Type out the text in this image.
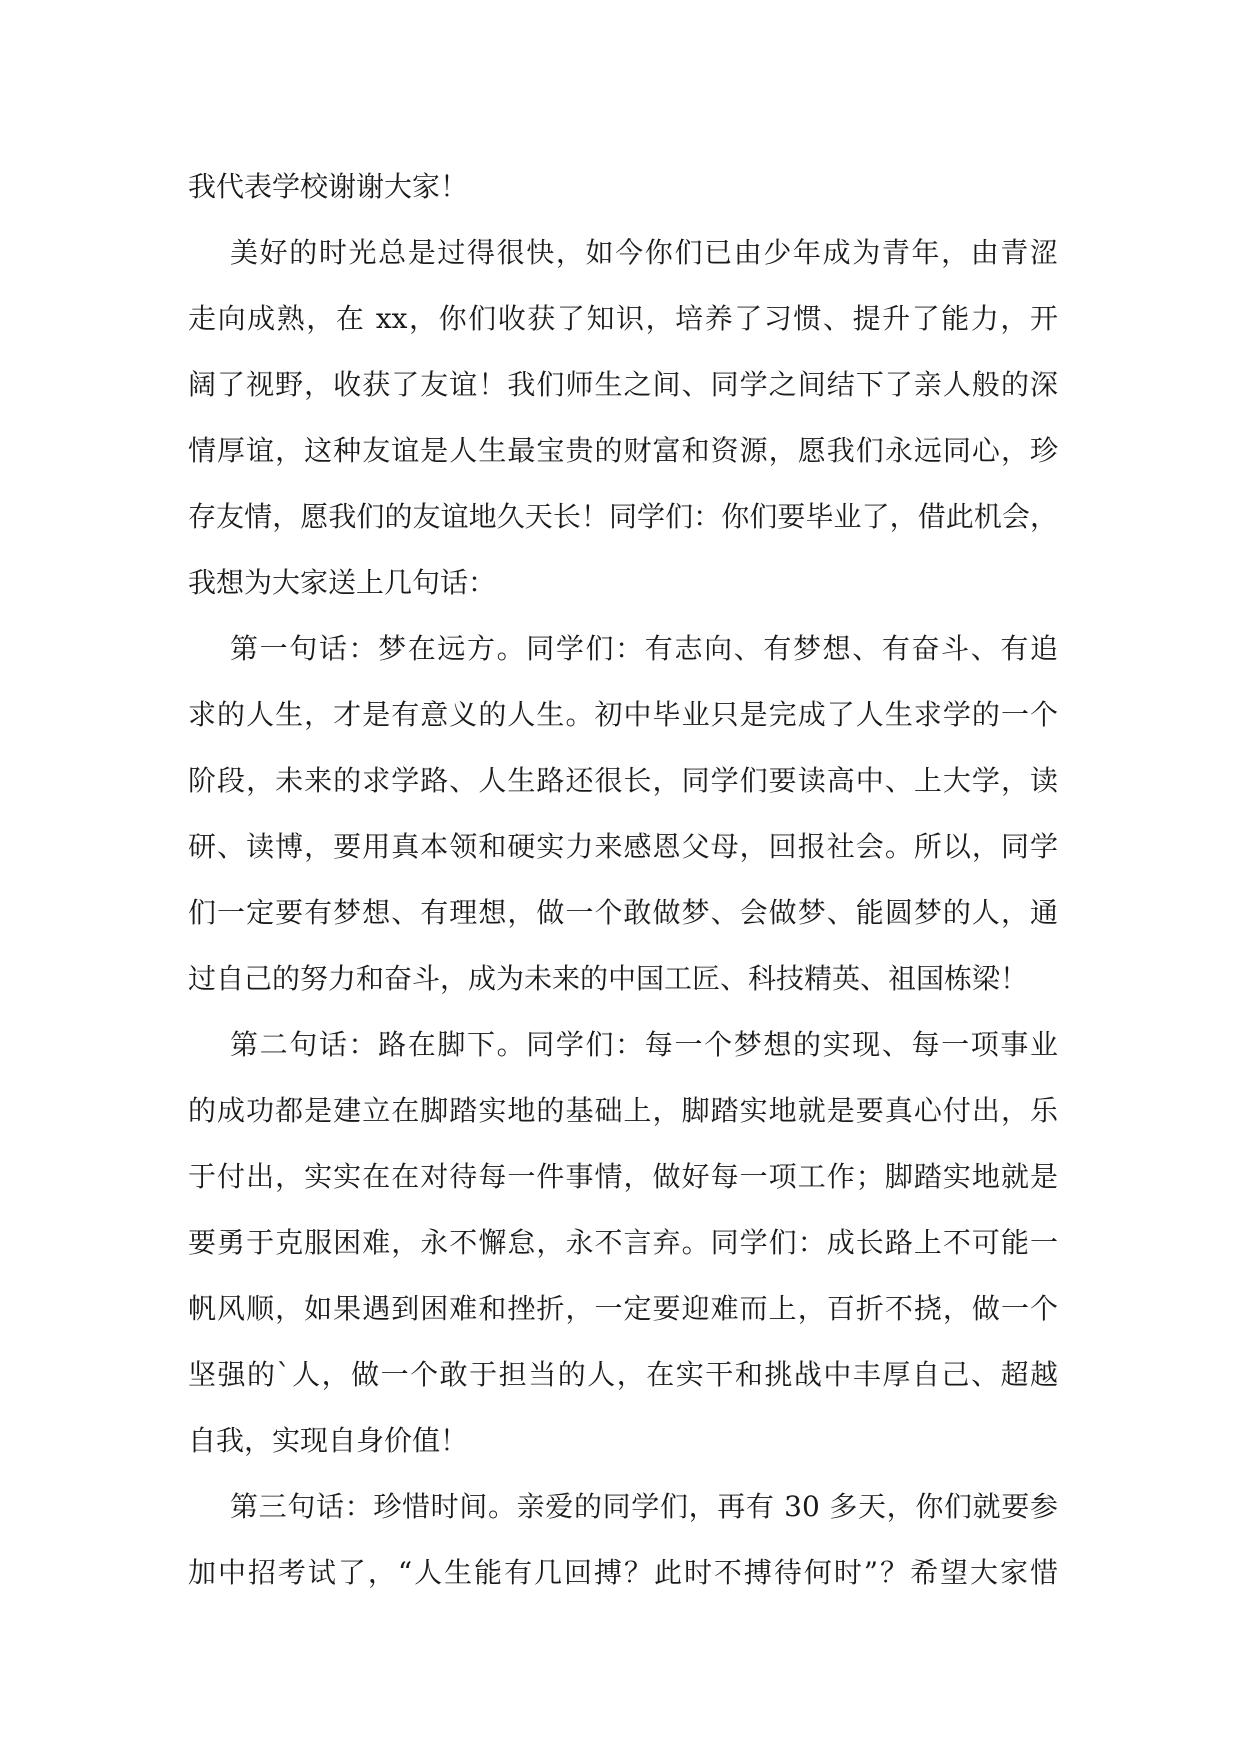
我代表学校谢谢大家！
美好的时光总是过得很快，如今你们已由少年成为青年，由青涩
走向成熟，在 xx，你们收获了知识，培养了习惯、提升了能力，开
阔了视野，收获了友谊！我们师生之间、同学之间结下了亲人般的深
情厚谊，这种友谊是人生最宝贵的财富和资源，愿我们永远同心，珍
存友情，愿我们的友谊地久天长！同学们：你们要毕业了，借此机会，
我想为大家送上几句话：
第一句话：梦在远方。同学们：有志向、有梦想、有奋斗、有追
求的人生，才是有意义的人生。初中毕业只是完成了人生求学的一个
阶段，未来的求学路、人生路还很长，同学们要读高中、上大学，读
研、读博，要用真本领和硬实力来感恩父母，回报社会。所以，同学
们一定要有梦想、有理想，做一个敢做梦、会做梦、能圆梦的人，通
过自己的努力和奋斗，成为未来的中国工匠、科技精英、祖国栋梁！
第二句话：路在脚下。同学们：每一个梦想的实现、每一项事业
的成功都是建立在脚踏实地的基础上，脚踏实地就是要真心付出，乐
于付出，实实在在对待每一件事情，做好每一项工作；脚踏实地就是
要勇于克服困难，永不懈怠，永不言弃。同学们：成长路上不可能一
帆风顺，如果遇到困难和挫折，一定要迎难而上，百折不挠，做一个
坚强的`人，做一个敢于担当的人，在实干和挑战中丰厚自己、超越
自我，实现自身价值！
第三句话：珍惜时间。亲爱的同学们，再有 30 多天，你们就要参
加中招考试了，“人生能有几回搏？此时不搏待何时”？希望大家惜
